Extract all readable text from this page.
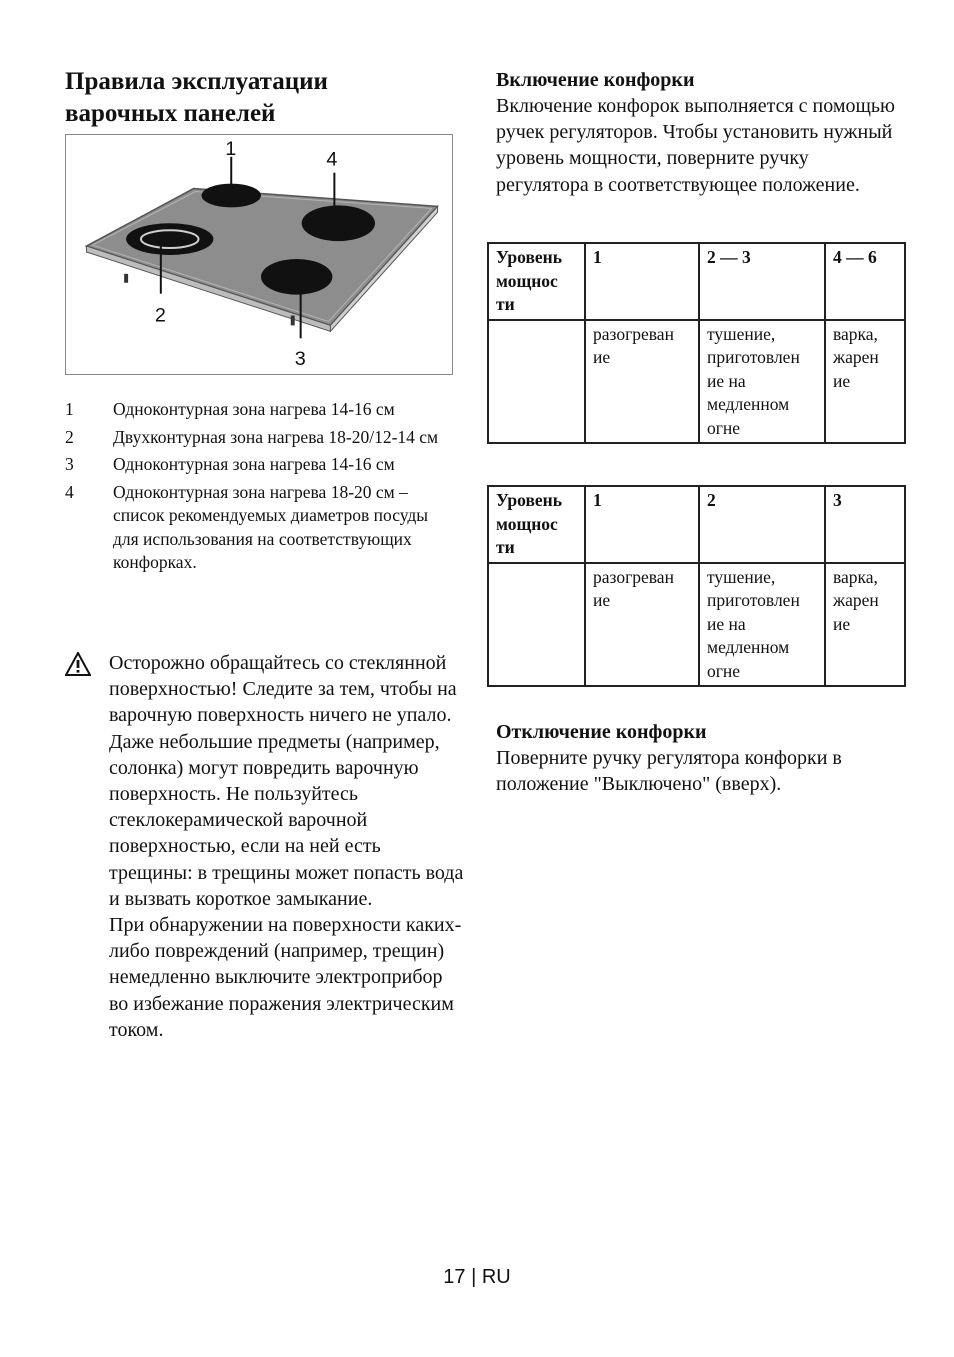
Правила эксплуатации
варочных панелей
1	4
2
3
1	Одноконтурная зона нагрева 14-16 см
2	Двухконтурная зона нагрева 18-20/12-14 см
3	Одноконтурная зона нагрева 14-16 см
4	Одноконтурная зона нагрева 18-20 см – список рекомендуемых диаметров посуды для использования на соответствующих конфорках.

Осторожно обращайтесь со стеклянной поверхностью! Следите за тем, чтобы на варочную поверхность ничего не упало. Даже небольшие предметы (например, солонка) могут повредить варочную поверхность. Не пользуйтесь стеклокерамической варочной поверхностью, если на ней есть трещины: в трещины может попасть вода и вызвать короткое замыкание.

При обнаружении на поверхности каких-либо повреждений (например, трещин) немедленно выключите электроприбор во избежание поражения электрическим током.

Включение конфорки
Включение конфорок выполняется с помощью ручек регуляторов. Чтобы установить нужный уровень мощности, поверните ручку регулятора в соответствующее положение.
Уровень мощнос ти	1	2 — 3	4 — 6
	разогреван ие	тушение, приготовлен ие на медленном огне	варка, жарен ие
Уровень мощнос ти	1	2	3
	разогреван ие	тушение, приготовлен ие на медленном огне	варка, жарен ие
Отключение конфорки
Поверните ручку регулятора конфорки в положение "Выключено" (вверх).
17 | RU
